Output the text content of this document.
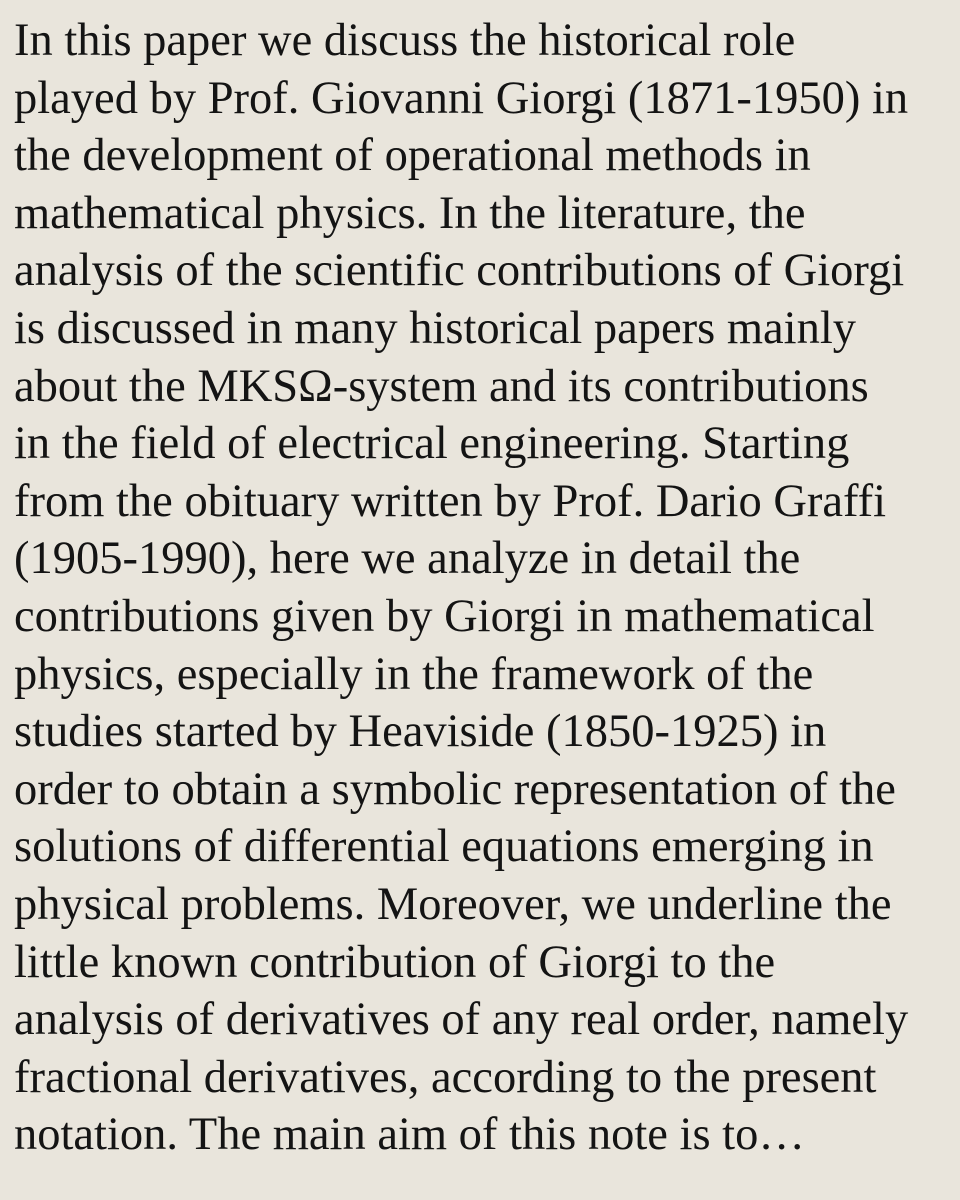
In this paper we discuss the historical role
played by Prof. Giovanni Giorgi (1871-1950) in
the development of operational methods in
mathematical physics. In the literature, the
analysis of the scientific contributions of Giorgi
is discussed in many historical papers mainly
about the MKSΩ-system and its contributions
in the field of electrical engineering. Starting
from the obituary written by Prof. Dario Graffi
(1905-1990), here we analyze in detail the
contributions given by Giorgi in mathematical
physics, especially in the framework of the
studies started by Heaviside (1850-1925) in
order to obtain a symbolic representation of the
solutions of differential equations emerging in
physical problems. Moreover, we underline the
little known contribution of Giorgi to the
analysis of derivatives of any real order, namely
fractional derivatives, according to the present
notation. The main aim of this note is to…
